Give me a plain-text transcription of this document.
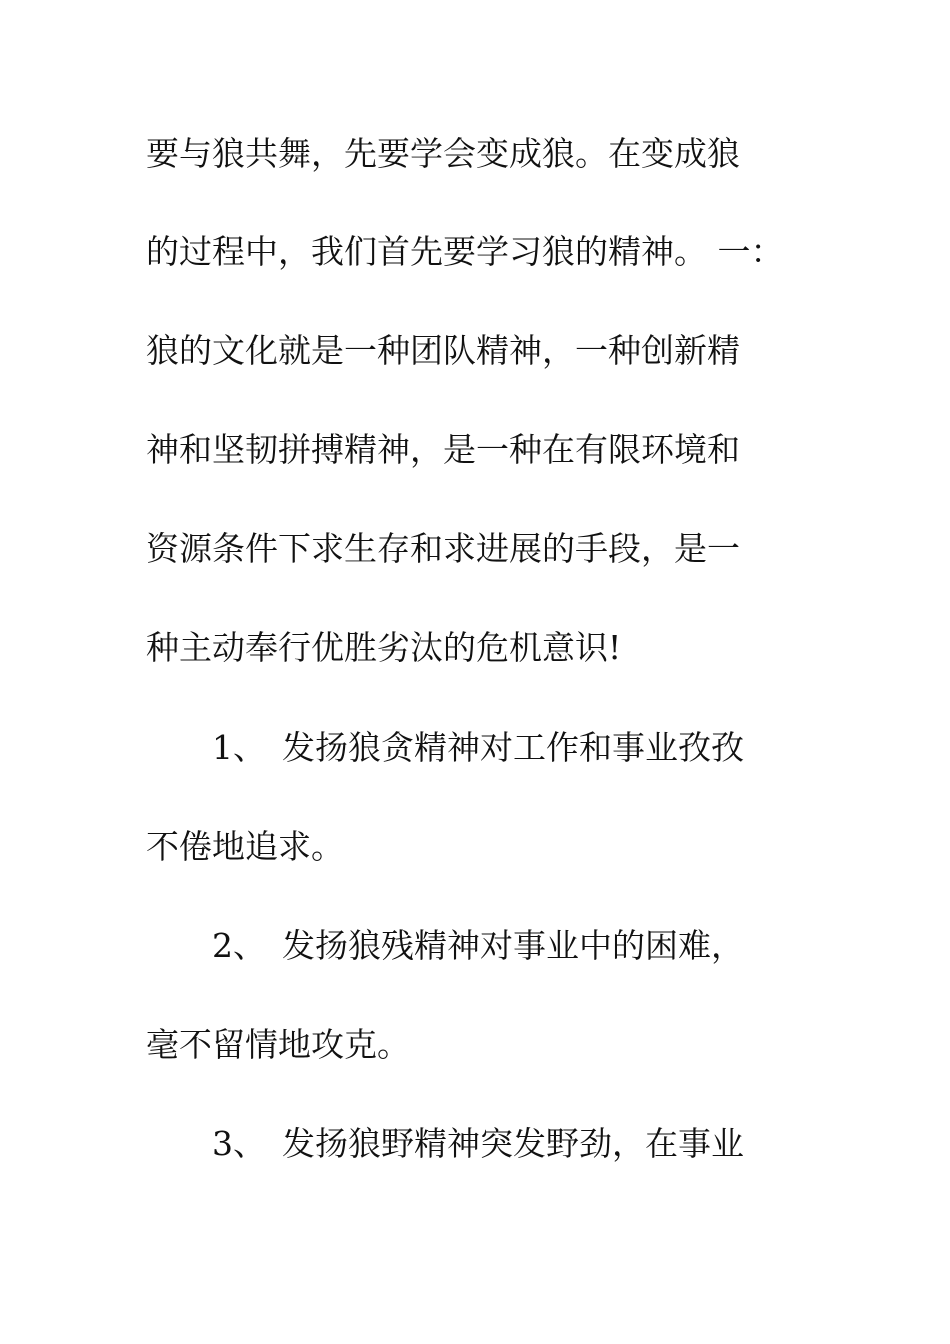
要与狼共舞，先要学会变成狼。在变成狼
的过程中，我们首先要学习狼的精神。 一：
狼的文化就是一种团队精神，一种创新精
神和坚韧拼搏精神，是一种在有限环境和
资源条件下求生存和求进展的手段，是一
种主动奉行优胜劣汰的危机意识!
1、 发扬狼贪精神对工作和事业孜孜
不倦地追求。
2、 发扬狼残精神对事业中的困难，
毫不留情地攻克。
3、 发扬狼野精神突发野劲，在事业
